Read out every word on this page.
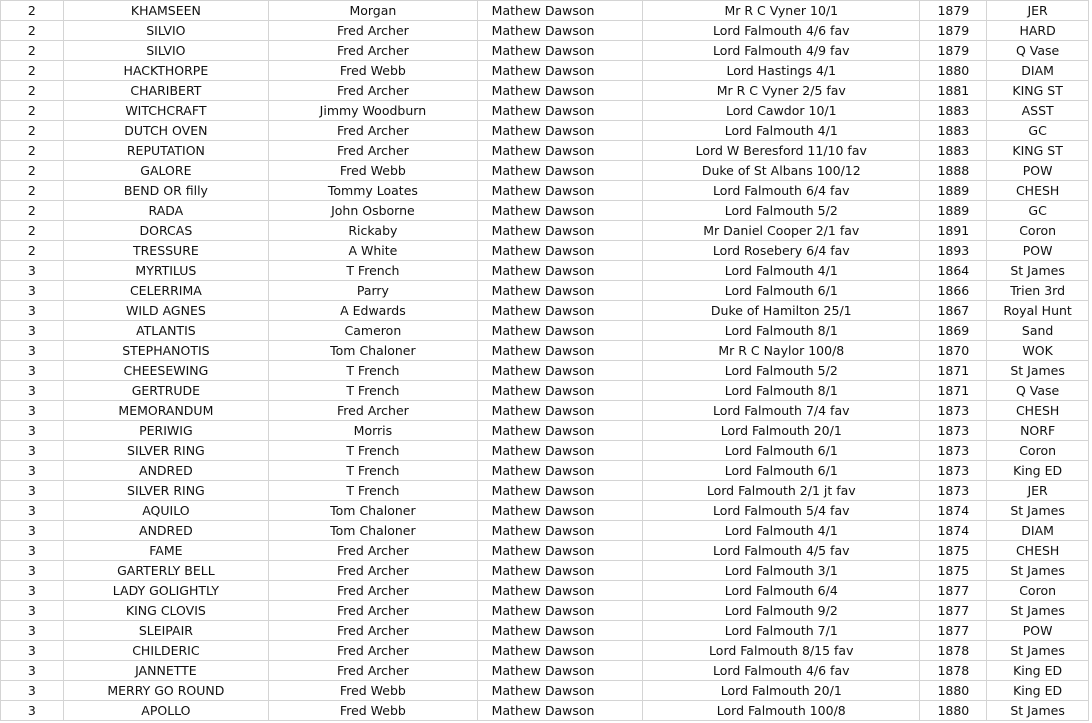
2	KHAMSEEN	Morgan	Mathew Dawson	Mr R C Vyner 10/1	1879	JER
2	SILVIO	Fred Archer	Mathew Dawson	Lord Falmouth 4/6 fav	1879	HARD
2	SILVIO	Fred Archer	Mathew Dawson	Lord Falmouth 4/9 fav	1879	Q Vase
2	HACKTHORPE	Fred Webb	Mathew Dawson	Lord Hastings 4/1	1880	DIAM
2	CHARIBERT	Fred Archer	Mathew Dawson	Mr R C Vyner 2/5 fav	1881	KING ST
2	WITCHCRAFT	Jimmy Woodburn	Mathew Dawson	Lord Cawdor 10/1	1883	ASST
2	DUTCH OVEN	Fred Archer	Mathew Dawson	Lord Falmouth 4/1	1883	GC
2	REPUTATION	Fred Archer	Mathew Dawson	Lord W Beresford 11/10 fav	1883	KING ST
2	GALORE	Fred Webb	Mathew Dawson	Duke of St Albans 100/12	1888	POW
2	BEND OR filly	Tommy Loates	Mathew Dawson	Lord Falmouth 6/4 fav	1889	CHESH
2	RADA	John Osborne	Mathew Dawson	Lord Falmouth 5/2	1889	GC
2	DORCAS	Rickaby	Mathew Dawson	Mr Daniel Cooper 2/1 fav	1891	Coron
2	TRESSURE	A White	Mathew Dawson	Lord Rosebery 6/4 fav	1893	POW
3	MYRTILUS	T French	Mathew Dawson	Lord Falmouth 4/1	1864	St James
3	CELERRIMA	Parry	Mathew Dawson	Lord Falmouth 6/1	1866	Trien 3rd
3	WILD AGNES	A Edwards	Mathew Dawson	Duke of Hamilton 25/1	1867	Royal Hunt
3	ATLANTIS	Cameron	Mathew Dawson	Lord Falmouth 8/1	1869	Sand
3	STEPHANOTIS	Tom Chaloner	Mathew Dawson	Mr R C Naylor 100/8	1870	WOK
3	CHEESEWING	T French	Mathew Dawson	Lord Falmouth 5/2	1871	St James
3	GERTRUDE	T French	Mathew Dawson	Lord Falmouth 8/1	1871	Q Vase
3	MEMORANDUM	Fred Archer	Mathew Dawson	Lord Falmouth 7/4 fav	1873	CHESH
3	PERIWIG	Morris	Mathew Dawson	Lord Falmouth 20/1	1873	NORF
3	SILVER RING	T French	Mathew Dawson	Lord Falmouth 6/1	1873	Coron
3	ANDRED	T French	Mathew Dawson	Lord Falmouth 6/1	1873	King ED
3	SILVER RING	T French	Mathew Dawson	Lord Falmouth 2/1 jt fav	1873	JER
3	AQUILO	Tom Chaloner	Mathew Dawson	Lord Falmouth 5/4 fav	1874	St James
3	ANDRED	Tom Chaloner	Mathew Dawson	Lord Falmouth 4/1	1874	DIAM
3	FAME	Fred Archer	Mathew Dawson	Lord Falmouth 4/5 fav	1875	CHESH
3	GARTERLY BELL	Fred Archer	Mathew Dawson	Lord Falmouth 3/1	1875	St James
3	LADY GOLIGHTLY	Fred Archer	Mathew Dawson	Lord Falmouth 6/4	1877	Coron
3	KING CLOVIS	Fred Archer	Mathew Dawson	Lord Falmouth 9/2	1877	St James
3	SLEIPAIR	Fred Archer	Mathew Dawson	Lord Falmouth 7/1	1877	POW
3	CHILDERIC	Fred Archer	Mathew Dawson	Lord Falmouth 8/15 fav	1878	St James
3	JANNETTE	Fred Archer	Mathew Dawson	Lord Falmouth 4/6 fav	1878	King ED
3	MERRY GO ROUND	Fred Webb	Mathew Dawson	Lord Falmouth 20/1	1880	King ED
3	APOLLO	Fred Webb	Mathew Dawson	Lord Falmouth 100/8	1880	St James
